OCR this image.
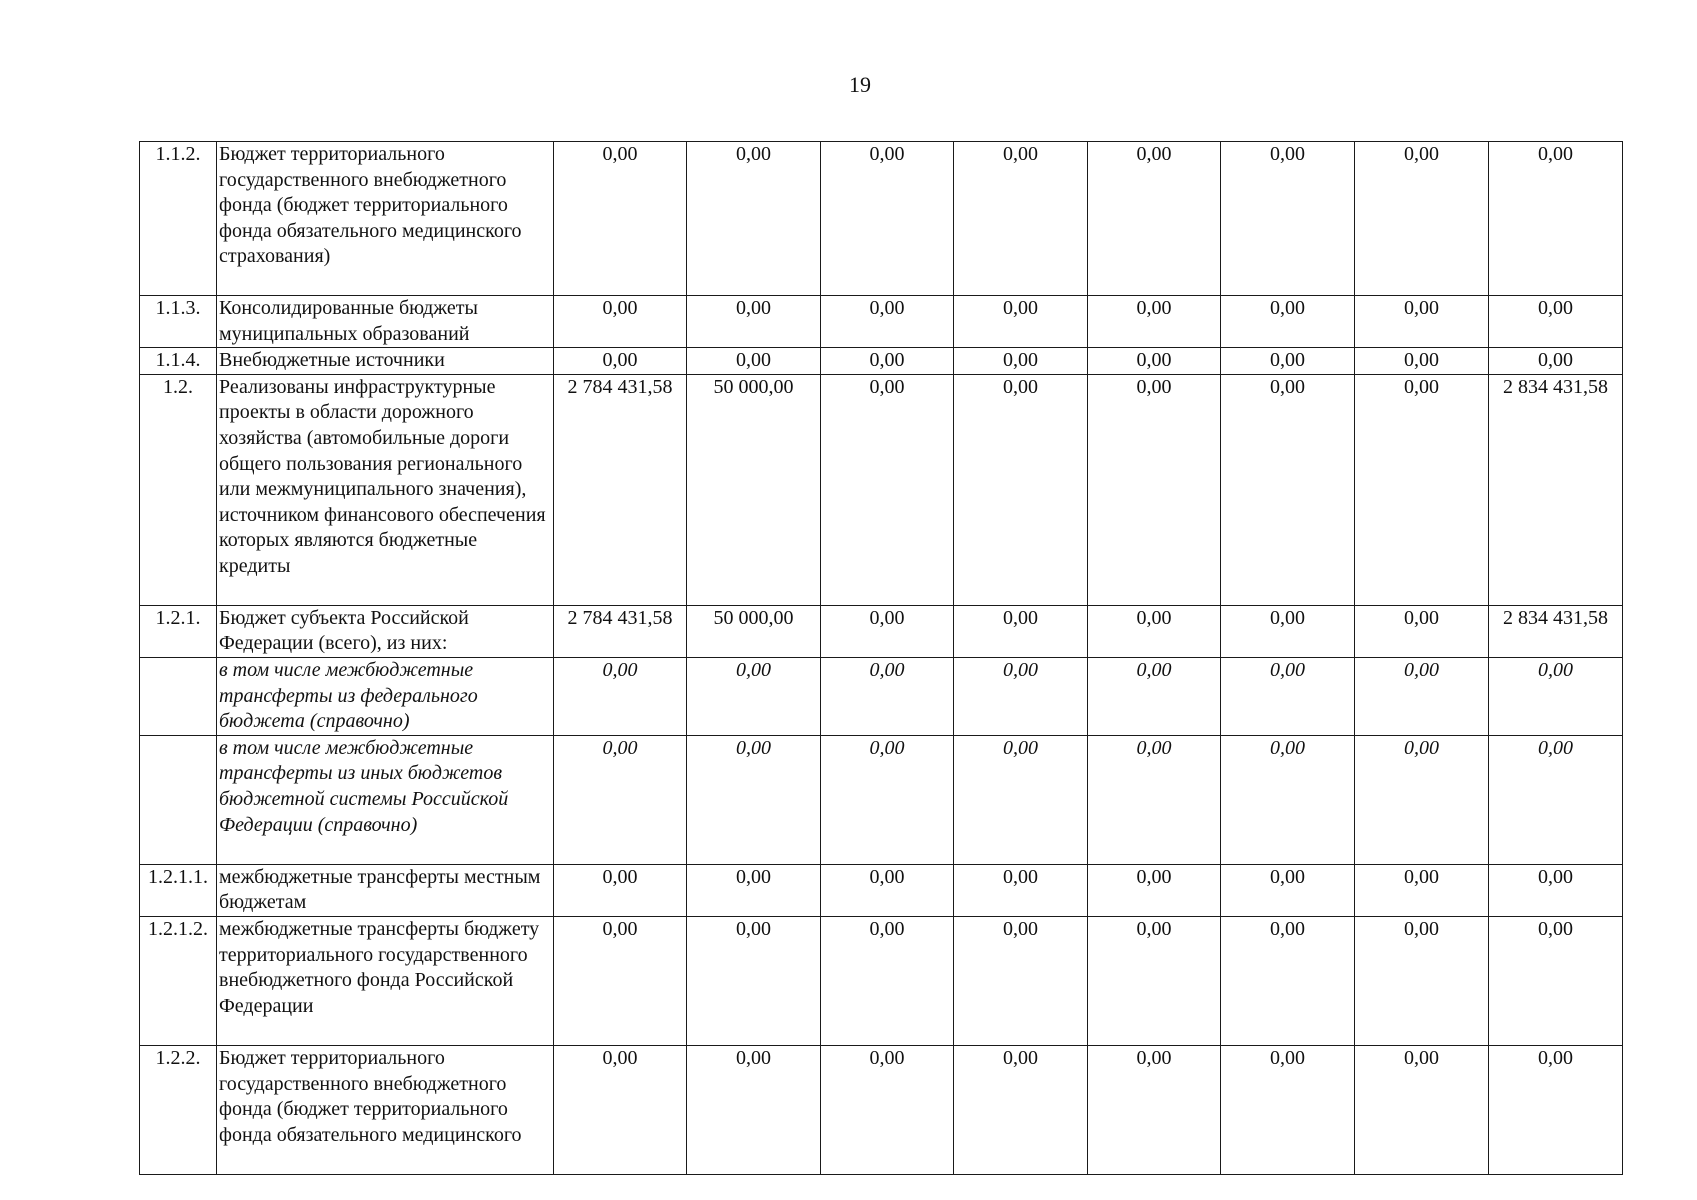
19
1.1.2.	Бюджет территориального государственного внебюджетного фонда (бюджет территориального фонда обязательного медицинского страхования)	0,00	0,00	0,00	0,00	0,00	0,00	0,00	0,00
1.1.3.	Консолидированные бюджеты муниципальных образований	0,00	0,00	0,00	0,00	0,00	0,00	0,00	0,00
1.1.4.	Внебюджетные источники	0,00	0,00	0,00	0,00	0,00	0,00	0,00	0,00
1.2.	Реализованы инфраструктурные проекты в области дорожного хозяйства (автомобильные дороги общего пользования регионального или межмуниципального значения), источником финансового обеспечения которых являются бюджетные кредиты	2 784 431,58	50 000,00	0,00	0,00	0,00	0,00	0,00	2 834 431,58
1.2.1.	Бюджет субъекта Российской Федерации (всего), из них:	2 784 431,58	50 000,00	0,00	0,00	0,00	0,00	0,00	2 834 431,58
	в том числе межбюджетные трансферты из федерального бюджета (справочно)	0,00	0,00	0,00	0,00	0,00	0,00	0,00	0,00
	в том числе межбюджетные трансферты из иных бюджетов бюджетной системы Российской Федерации (справочно)	0,00	0,00	0,00	0,00	0,00	0,00	0,00	0,00
1.2.1.1.	межбюджетные трансферты местным бюджетам	0,00	0,00	0,00	0,00	0,00	0,00	0,00	0,00
1.2.1.2.	межбюджетные трансферты бюджету территориального государственного внебюджетного фонда Российской Федерации	0,00	0,00	0,00	0,00	0,00	0,00	0,00	0,00
1.2.2.	Бюджет территориального государственного внебюджетного фонда (бюджет территориального фонда обязательного медицинского	0,00	0,00	0,00	0,00	0,00	0,00	0,00	0,00
